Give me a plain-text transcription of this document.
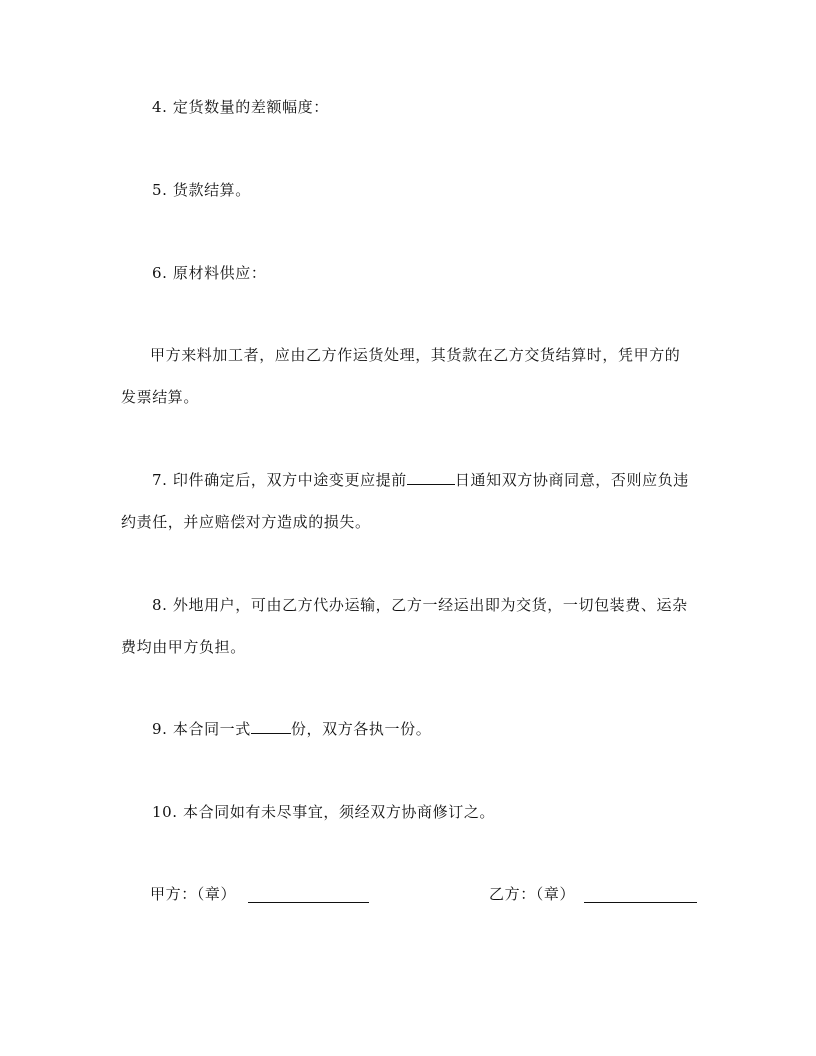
4. 定货数量的差额幅度：
5. 货款结算。
6. 原材料供应：
甲方来料加工者，应由乙方作运货处理，其货款在乙方交货结算时，凭甲方的
发票结算。
7. 印件确定后，双方中途变更应提前	日通知双方协商同意，否则应负违
约责任，并应赔偿对方造成的损失。
8. 外地用户，可由乙方代办运输，乙方一经运出即为交货，一切包装费、运杂
费均由甲方负担。
9. 本合同一式	份，双方各执一份。
10. 本合同如有未尽事宜，须经双方协商修订之。
甲方：（章）	乙方：（章）
